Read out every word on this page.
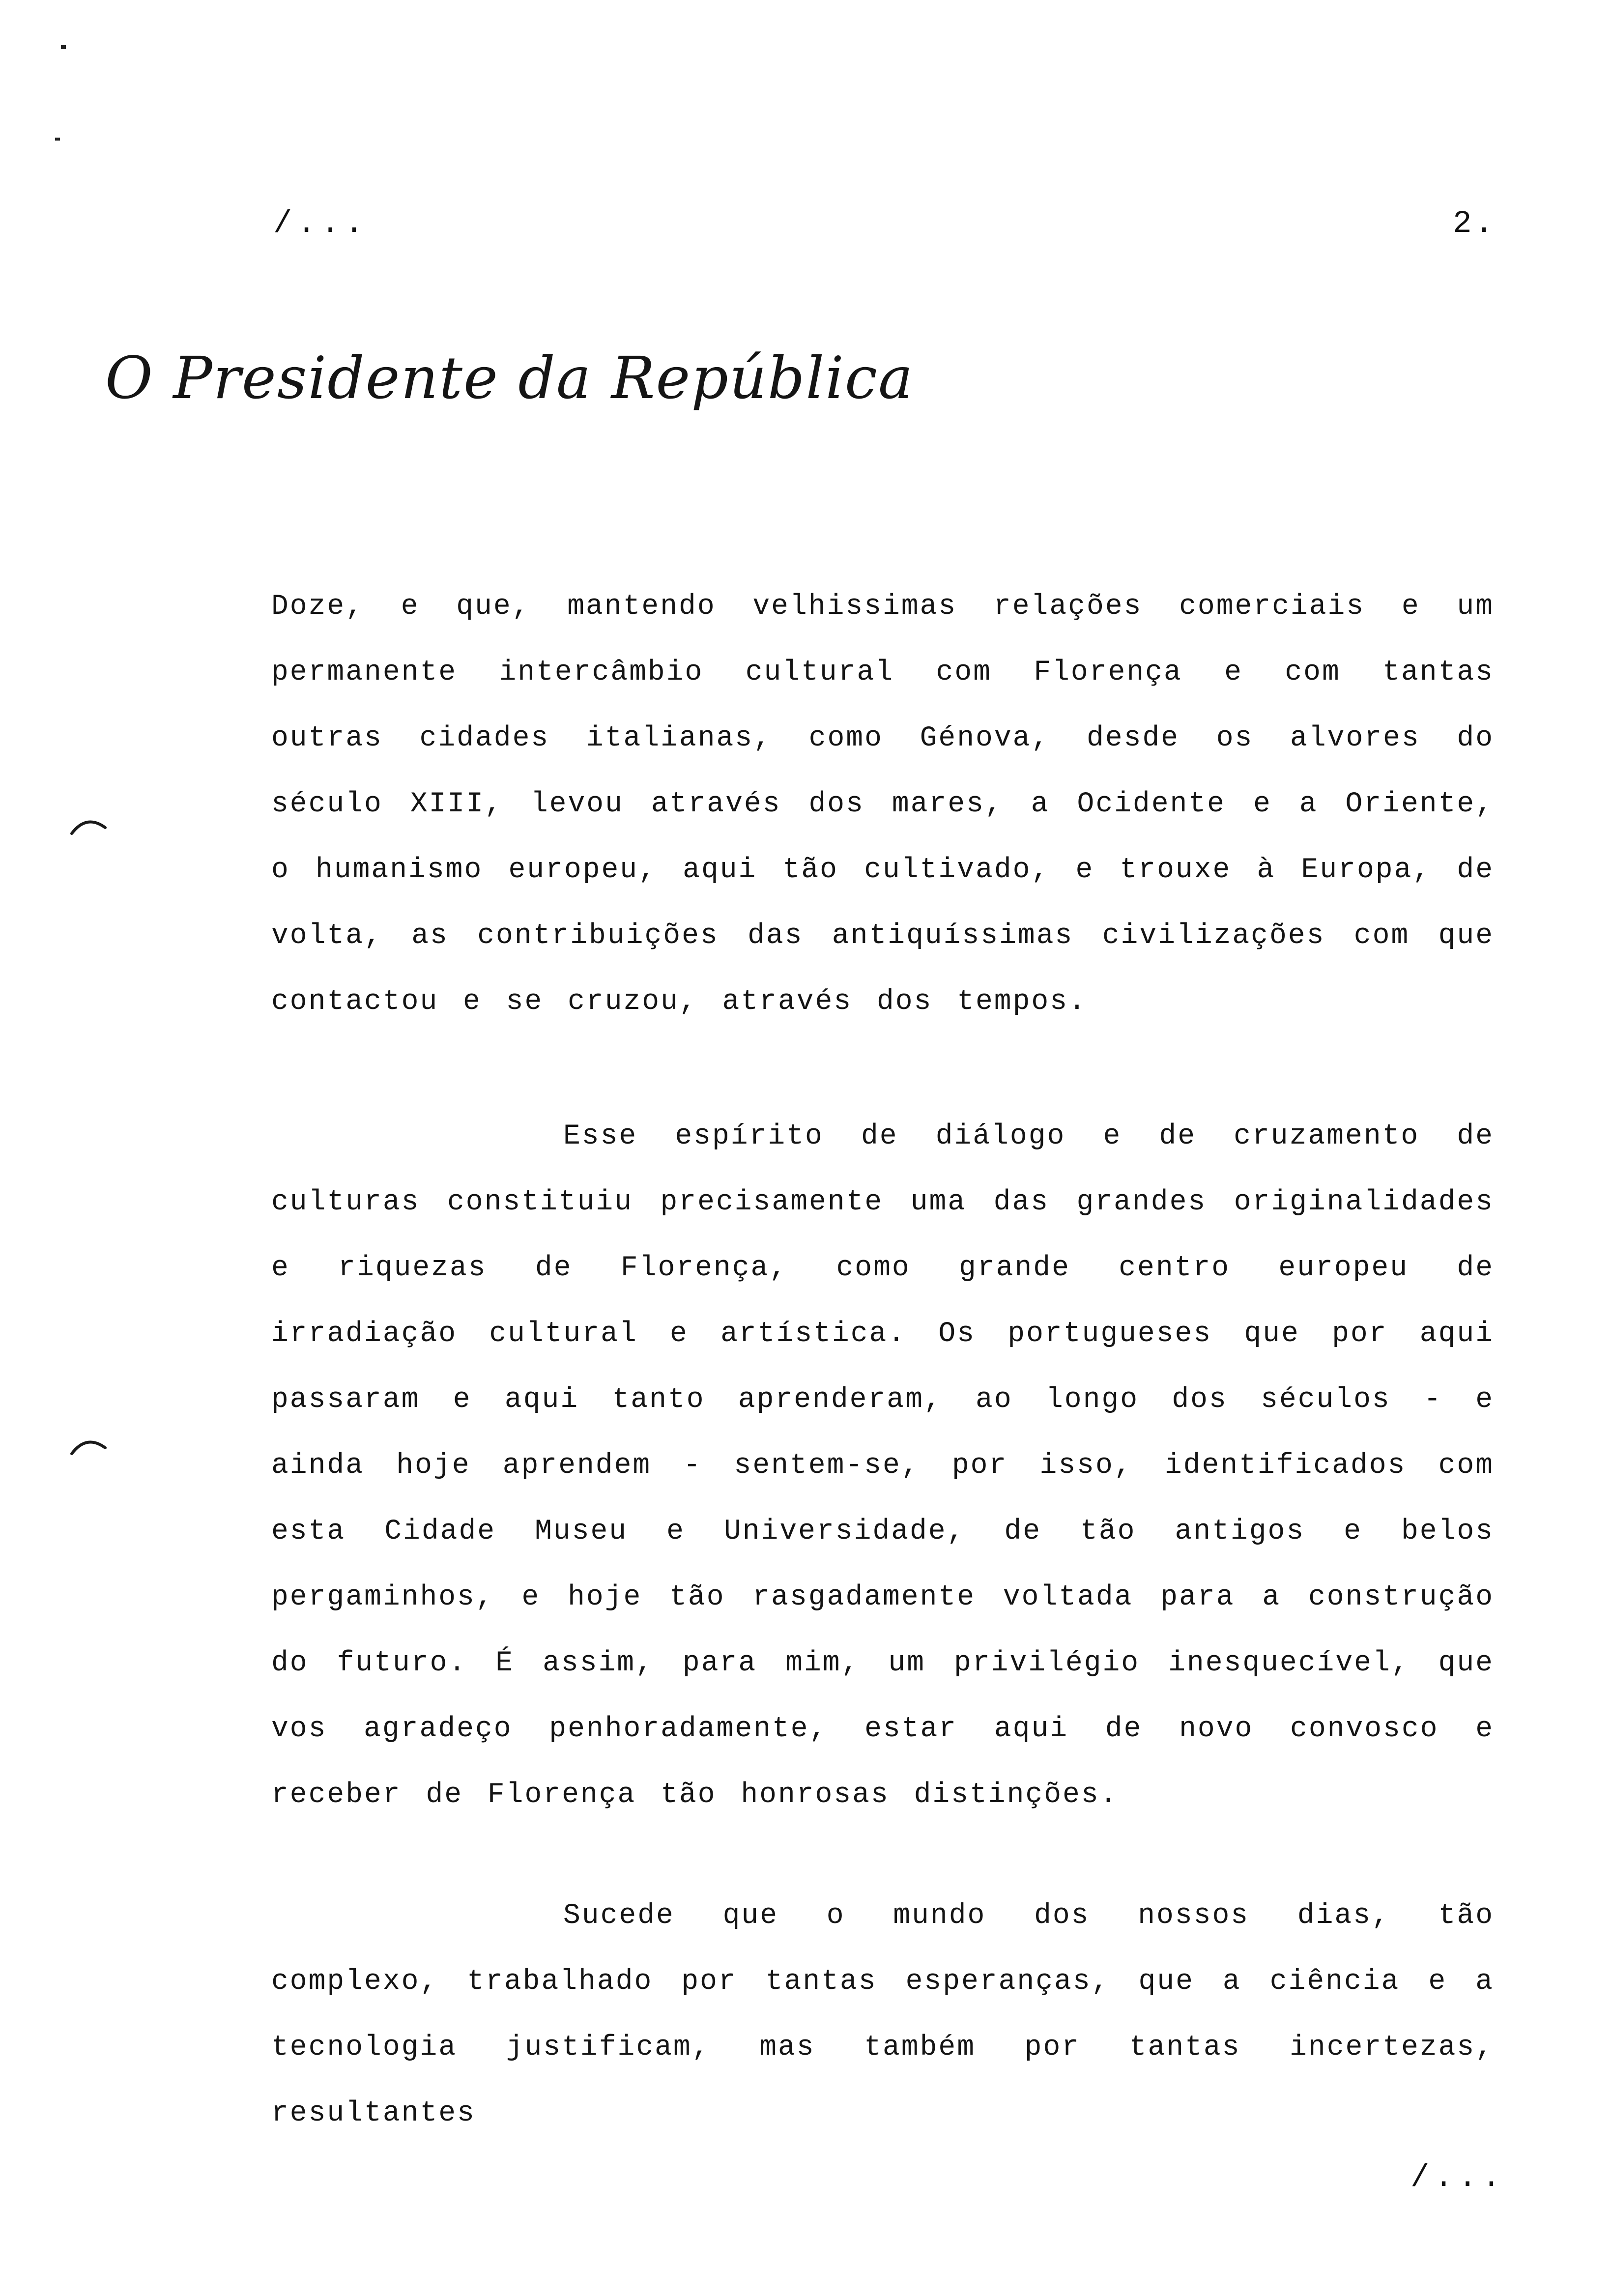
/...	2.
O Presidente da República

Doze, e que, mantendo velhissimas relações comerciais e um permanente intercâmbio cultural com Florença e com tantas outras cidades italianas, como Génova, desde os alvores do século XIII, levou através dos mares, a Ocidente e a Oriente, o humanismo europeu, aqui tão cultivado, e trouxe à Europa, de volta, as contribuições das antiquíssimas civilizações com que contactou e se cruzou, através dos tempos.

Esse espírito de diálogo e de cruzamento de culturas constituiu precisamente uma das grandes originalidades e riquezas de Florença, como grande centro europeu de irradiação cultural e artística. Os portugueses que por aqui passaram e aqui tanto aprenderam, ao longo dos séculos - e ainda hoje aprendem - sentem-se, por isso, identificados com esta Cidade Museu e Universidade, de tão antigos e belos pergaminhos, e hoje tão rasgadamente voltada para a construção do futuro. É assim, para mim, um privilégio inesquecível, que vos agradeço penhoradamente, estar aqui de novo convosco e receber de Florença tão honrosas distinções.

Sucede que o mundo dos nossos dias, tão complexo, trabalhado por tantas esperanças, que a ciência e a tecnologia justificam, mas também por tantas incertezas, resultantes

/...
